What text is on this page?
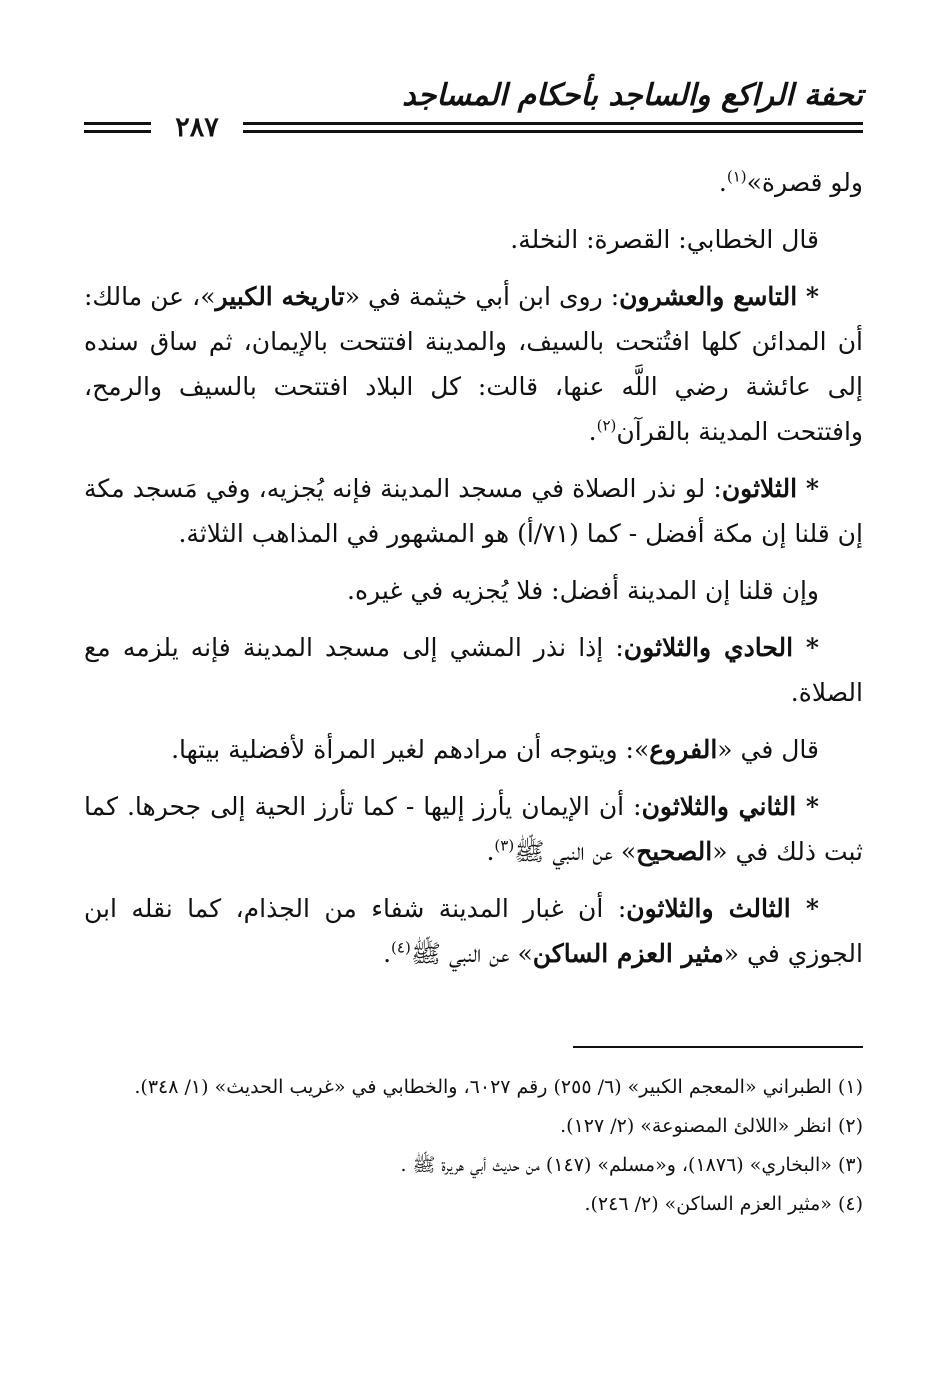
تحفة الراكع والساجد بأحكام المساجد
٢٨٧

ولو قصرة»$^{(١)}$.

قال الخطابي: القصرة: النخلة.

* التاسع والعشرون: روى ابن أبي خيثمة في «تاريخه الكبير»، عن مالك: أن المدائن كلها افتُتحت بالسيف، والمدينة افتتحت بالإيمان، ثم ساق سنده إلى عائشة رضي اللَّه عنها، قالت: كل البلاد افتتحت بالسيف والرمح، وافتتحت المدينة بالقرآن$^{(٢)}$.

* الثلاثون: لو نذر الصلاة في مسجد المدينة فإنه يُجزيه، وفي مَسجد مكة إن قلنا إن مكة أفضل - كما (٧١/أ) هو المشهور في المذاهب الثلاثة.

وإن قلنا إن المدينة أفضل: فلا يُجزيه في غيره.

* الحادي والثلاثون: إذا نذر المشي إلى مسجد المدينة فإنه يلزمه مع الصلاة.

قال في «الفروع»: ويتوجه أن مرادهم لغير المرأة لأفضلية بيتها.

* الثاني والثلاثون: أن الإيمان يأرز إليها - كما تأرز الحية إلى جحرها. كما ثبت ذلك في «الصحيح» عن النبي ﷺ$^{(٣)}$.

* الثالث والثلاثون: أن غبار المدينة شفاء من الجذام، كما نقله ابن الجوزي في «مثير العزم الساكن» عن النبي ﷺ$^{(٤)}$.

(١) الطبراني «المعجم الكبير» (٦/ ٢٥٥) رقم ٦٠٢٧، والخطابي في «غريب الحديث» (١/ ٣٤٨).

(٢) انظر «اللالئ المصنوعة» (٢/ ١٢٧).

(٣) «البخاري» (١٨٧٦)، و«مسلم» (١٤٧) من حديث أبي هريرة ﷺ .

(٤) «مثير العزم الساكن» (٢/ ٢٤٦).
